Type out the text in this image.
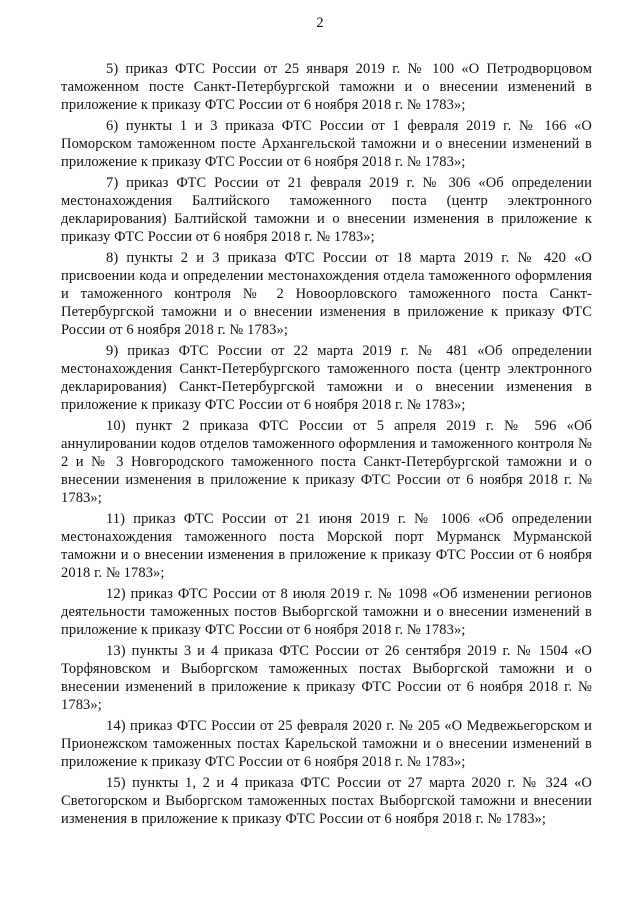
2

5) приказ ФТС России от 25 января 2019 г. № 100 «О Петродворцовом таможенном посте Санкт-Петербургской таможни и о внесении изменений в приложение к приказу ФТС России от 6 ноября 2018 г. № 1783»;

6) пункты 1 и 3 приказа ФТС России от 1 февраля 2019 г. № 166 «О Поморском таможенном посте Архангельской таможни и о внесении изменений в приложение к приказу ФТС России от 6 ноября 2018 г. № 1783»;

7) приказ ФТС России от 21 февраля 2019 г. № 306 «Об определении местонахождения Балтийского таможенного поста (центр электронного декларирования) Балтийской таможни и о внесении изменения в приложение к приказу ФТС России от 6 ноября 2018 г. № 1783»;

8) пункты 2 и 3 приказа ФТС России от 18 марта 2019 г. № 420 «О присвоении кода и определении местонахождения отдела таможенного оформления и таможенного контроля № 2 Новоорловского таможенного поста Санкт-Петербургской таможни и о внесении изменения в приложение к приказу ФТС России от 6 ноября 2018 г. № 1783»;

9) приказ ФТС России от 22 марта 2019 г. № 481 «Об определении местонахождения Санкт-Петербургского таможенного поста (центр электронного декларирования) Санкт-Петербургской таможни и о внесении изменения в приложение к приказу ФТС России от 6 ноября 2018 г. № 1783»;

10) пункт 2 приказа ФТС России от 5 апреля 2019 г. № 596 «Об аннулировании кодов отделов таможенного оформления и таможенного контроля № 2 и № 3 Новгородского таможенного поста Санкт-Петербургской таможни и о внесении изменения в приложение к приказу ФТС России от 6 ноября 2018 г. № 1783»;

11) приказ ФТС России от 21 июня 2019 г. № 1006 «Об определении местонахождения таможенного поста Морской порт Мурманск Мурманской таможни и о внесении изменения в приложение к приказу ФТС России от 6 ноября 2018 г. № 1783»;

12) приказ ФТС России от 8 июля 2019 г. № 1098 «Об изменении регионов деятельности таможенных постов Выборгской таможни и о внесении изменений в приложение к приказу ФТС России от 6 ноября 2018 г. № 1783»;

13) пункты 3 и 4 приказа ФТС России от 26 сентября 2019 г. № 1504 «О Торфяновском и Выборгском таможенных постах Выборгской таможни и о внесении изменений в приложение к приказу ФТС России от 6 ноября 2018 г. № 1783»;

14) приказ ФТС России от 25 февраля 2020 г. № 205 «О Медвежьегорском и Прионежском таможенных постах Карельской таможни и о внесении изменений в приложение к приказу ФТС России от 6 ноября 2018 г. № 1783»;

15) пункты 1, 2 и 4 приказа ФТС России от 27 марта 2020 г. № 324 «О Светогорском и Выборгском таможенных постах Выборгской таможни и внесении изменения в приложение к приказу ФТС России от 6 ноября 2018 г. № 1783»;
